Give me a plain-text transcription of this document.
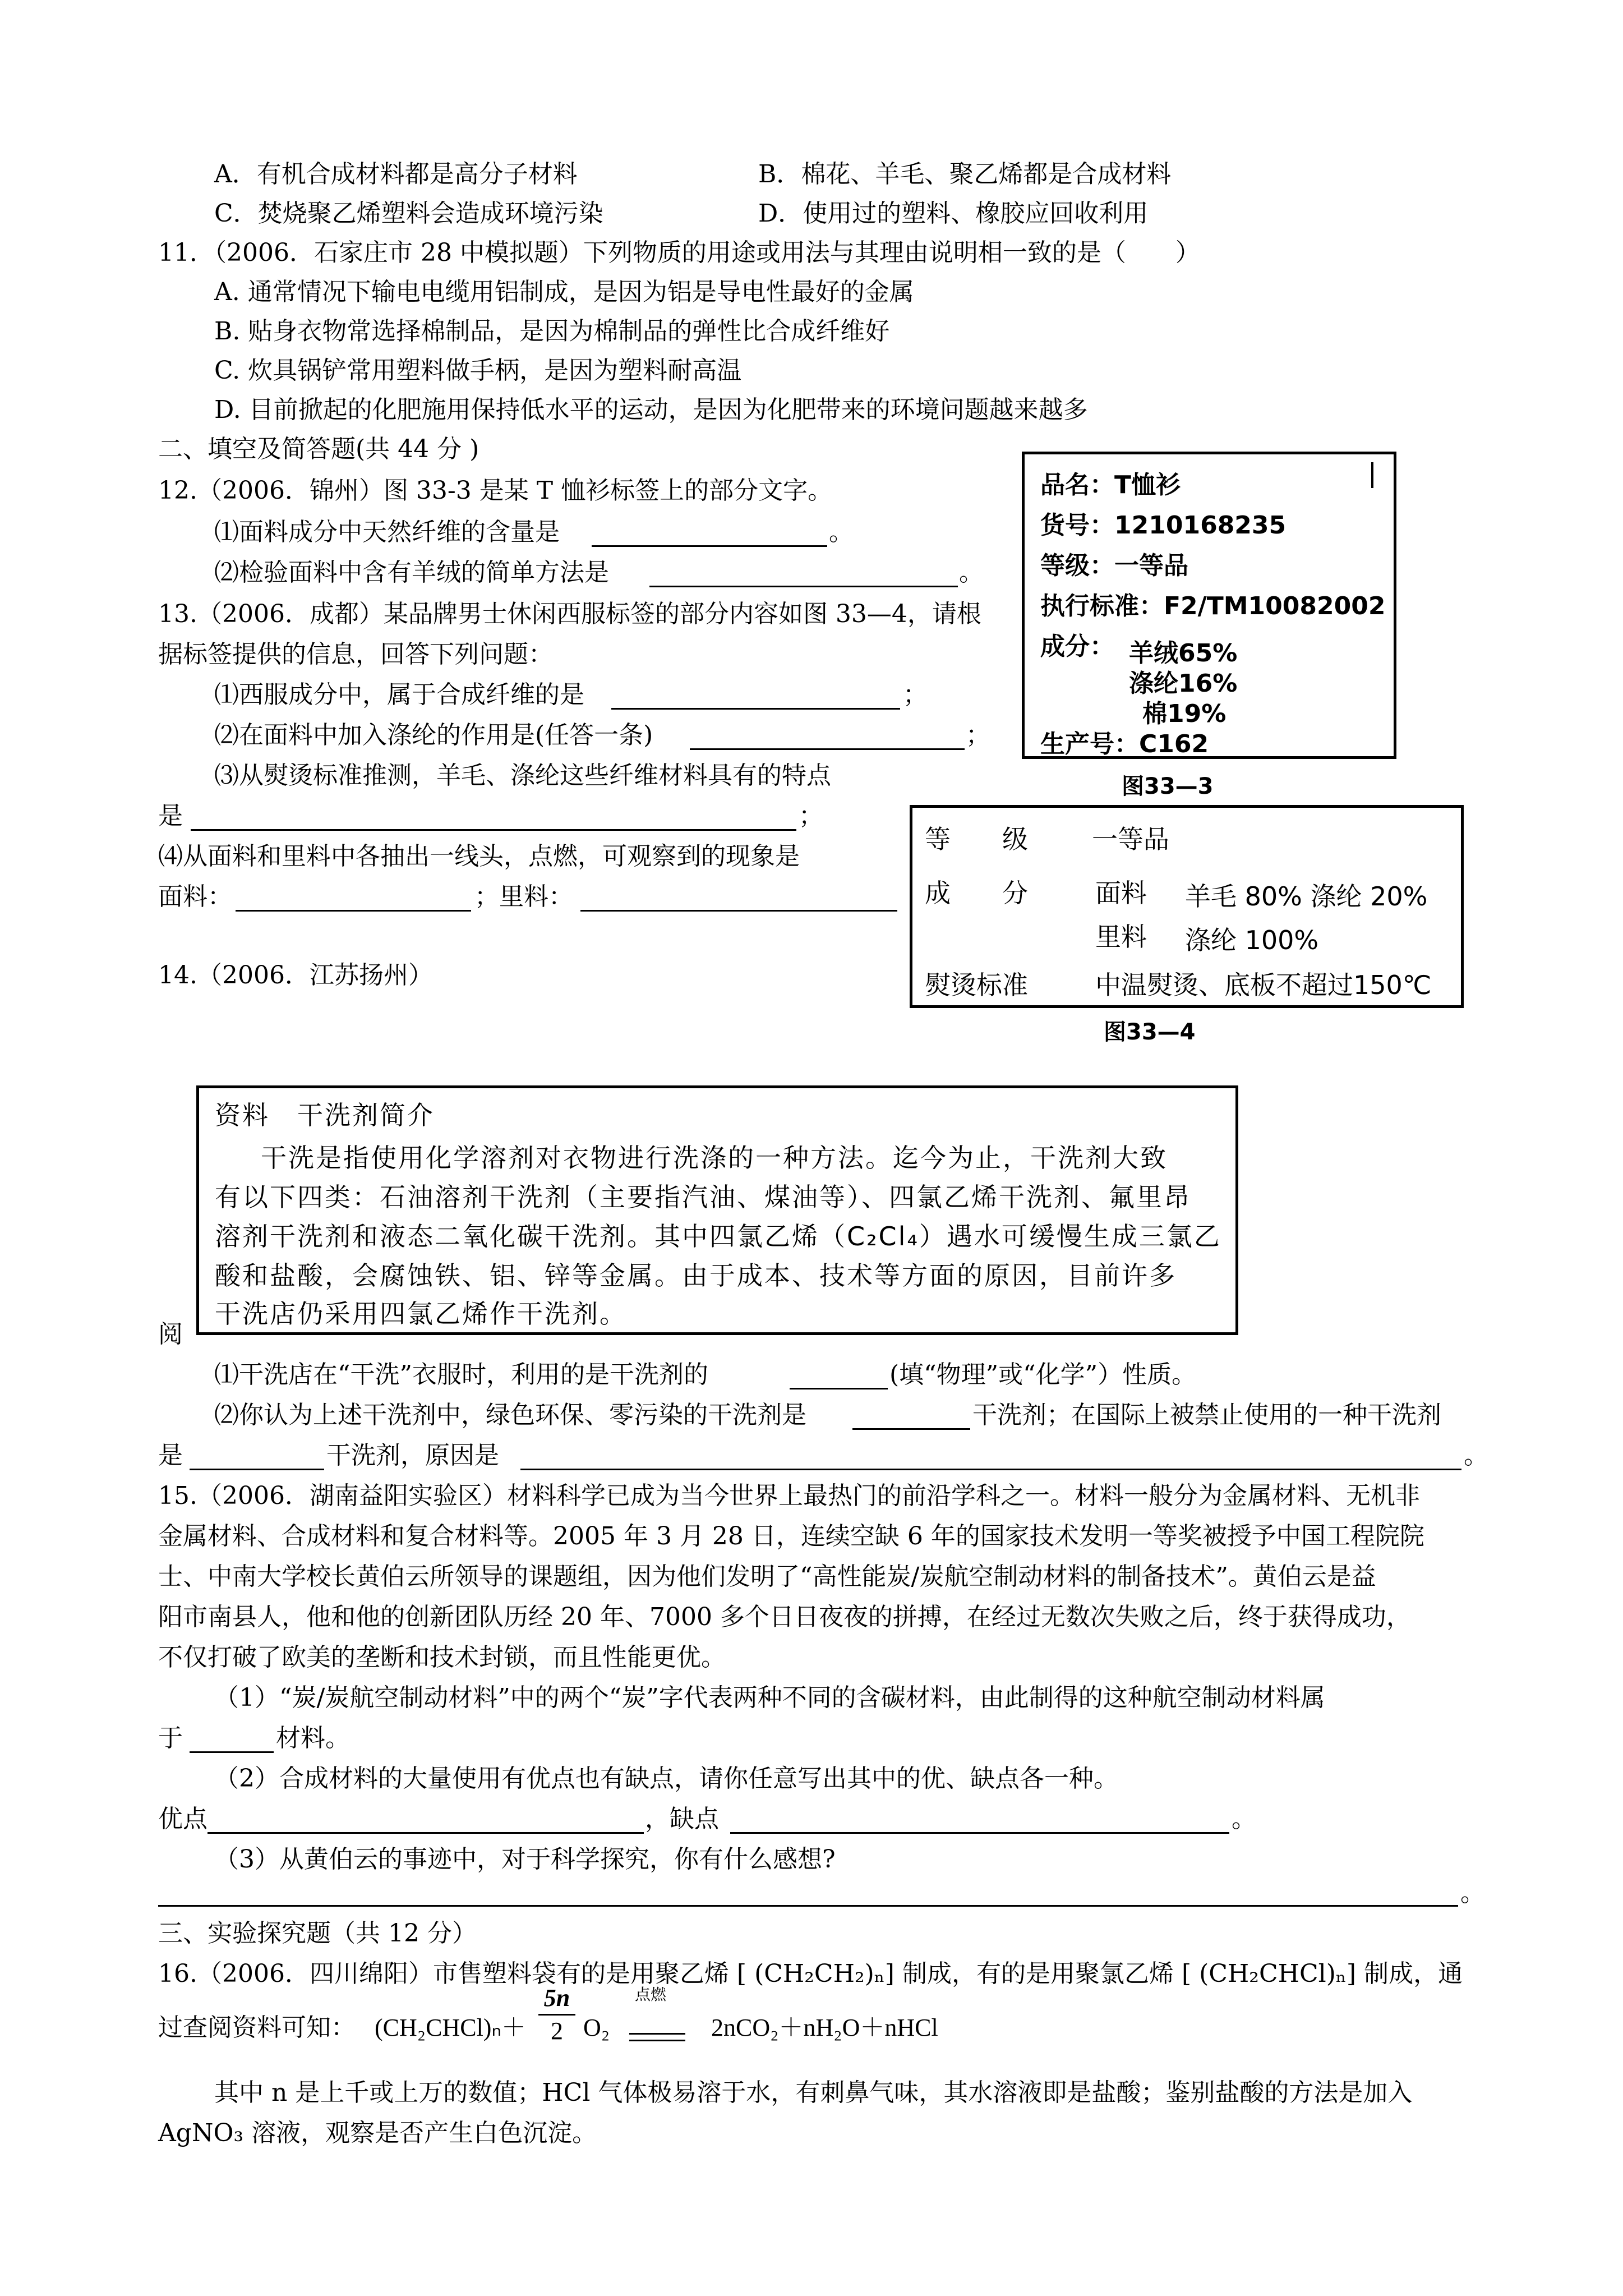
A．有机合成材料都是高分子材料	B．棉花、羊毛、聚乙烯都是合成材料
C．焚烧聚乙烯塑料会造成环境污染	D．使用过的塑料、橡胶应回收利用
11．（2006．石家庄市 28 中模拟题）下列物质的用途或用法与其理由说明相一致的是（　　）
A. 通常情况下输电电缆用铝制成，是因为铝是导电性最好的金属
B. 贴身衣物常选择棉制品，是因为棉制品的弹性比合成纤维好
C. 炊具锅铲常用塑料做手柄，是因为塑料耐高温
D. 目前掀起的化肥施用保持低水平的运动，是因为化肥带来的环境问题越来越多
二、填空及简答题(共 44 分 )
12.（2006．锦州）图 33-3 是某 T 恤衫标签上的部分文字。
⑴面料成分中天然纤维的含量是	。
⑵检验面料中含有羊绒的简单方法是	。
品名：T恤衫
货号：1210168235
等级：一等品
执行标准：F2/TM10082002
成分： 羊绒65%
涤纶16%
棉19%
生产号：C162
图33—3
13.（2006．成都）某品牌男士休闲西服标签的部分内容如图 33—4，请根
据标签提供的信息，回答下列问题：
⑴西服成分中，属于合成纤维的是	；
⑵在面料中加入涤纶的作用是(任答一条)	；
⑶从熨烫标准推测，羊毛、涤纶这些纤维材料具有的特点
是	；
⑷从面料和里料中各抽出一线头，点燃，可观察到的现象是
面料：	；里料：
等　　级 一等品
成　　分	面料 羊毛 80% 涤纶 20%
里料 涤纶 100%
熨烫标准	中温熨烫、底板不超过150℃
图33—4
14.（2006．江苏扬州）
资料　干洗剂简介
干洗是指使用化学溶剂对衣物进行洗涤的一种方法。迄今为止，干洗剂大致
有以下四类：石油溶剂干洗剂（主要指汽油、煤油等）、四氯乙烯干洗剂、氟里昂
溶剂干洗剂和液态二氧化碳干洗剂。其中四氯乙烯（C₂Cl₄）遇水可缓慢生成三氯乙
酸和盐酸，会腐蚀铁、铝、锌等金属。由于成本、技术等方面的原因，目前许多
干洗店仍采用四氯乙烯作干洗剂。
阅
⑴干洗店在“干洗”衣服时，利用的是干洗剂的	(填“物理”或“化学”）性质。
⑵你认为上述干洗剂中，绿色环保、零污染的干洗剂是	干洗剂；在国际上被禁止使用的一种干洗剂
是	干洗剂，原因是	。
15.（2006．湖南益阳实验区）材料科学已成为当今世界上最热门的前沿学科之一。材料一般分为金属材料、无机非
金属材料、合成材料和复合材料等。2005 年 3 月 28 日，连续空缺 6 年的国家技术发明一等奖被授予中国工程院院
士、中南大学校长黄伯云所领导的课题组，因为他们发明了“高性能炭/炭航空制动材料的制备技术”。黄伯云是益
阳市南县人，他和他的创新团队历经 20 年、7000 多个日日夜夜的拼搏，在经过无数次失败之后，终于获得成功，
不仅打破了欧美的垄断和技术封锁，而且性能更优。
（1）“炭/炭航空制动材料”中的两个“炭”字代表两种不同的含碳材料，由此制得的这种航空制动材料属
于	材料。
（2）合成材料的大量使用有优点也有缺点，请你任意写出其中的优、缺点各一种。
优点	，缺点	。
（3）从黄伯云的事迹中，对于科学探究，你有什么感想?
。
三、实验探究题（共 12 分）
16.（2006．四川绵阳）市售塑料袋有的是用聚乙烯 [ (CH₂CH₂)ₙ] 制成，有的是用聚氯乙烯 [ (CH₂CHCl)ₙ] 制成，通
过查阅资料可知： (CH₂CHCl)ₙ＋
5n
2 O₂
点燃
2nCO₂＋nH₂O＋nHCl
其中 n 是上千或上万的数值；HCl 气体极易溶于水，有刺鼻气味，其水溶液即是盐酸；鉴别盐酸的方法是加入
AgNO₃ 溶液，观察是否产生白色沉淀。
